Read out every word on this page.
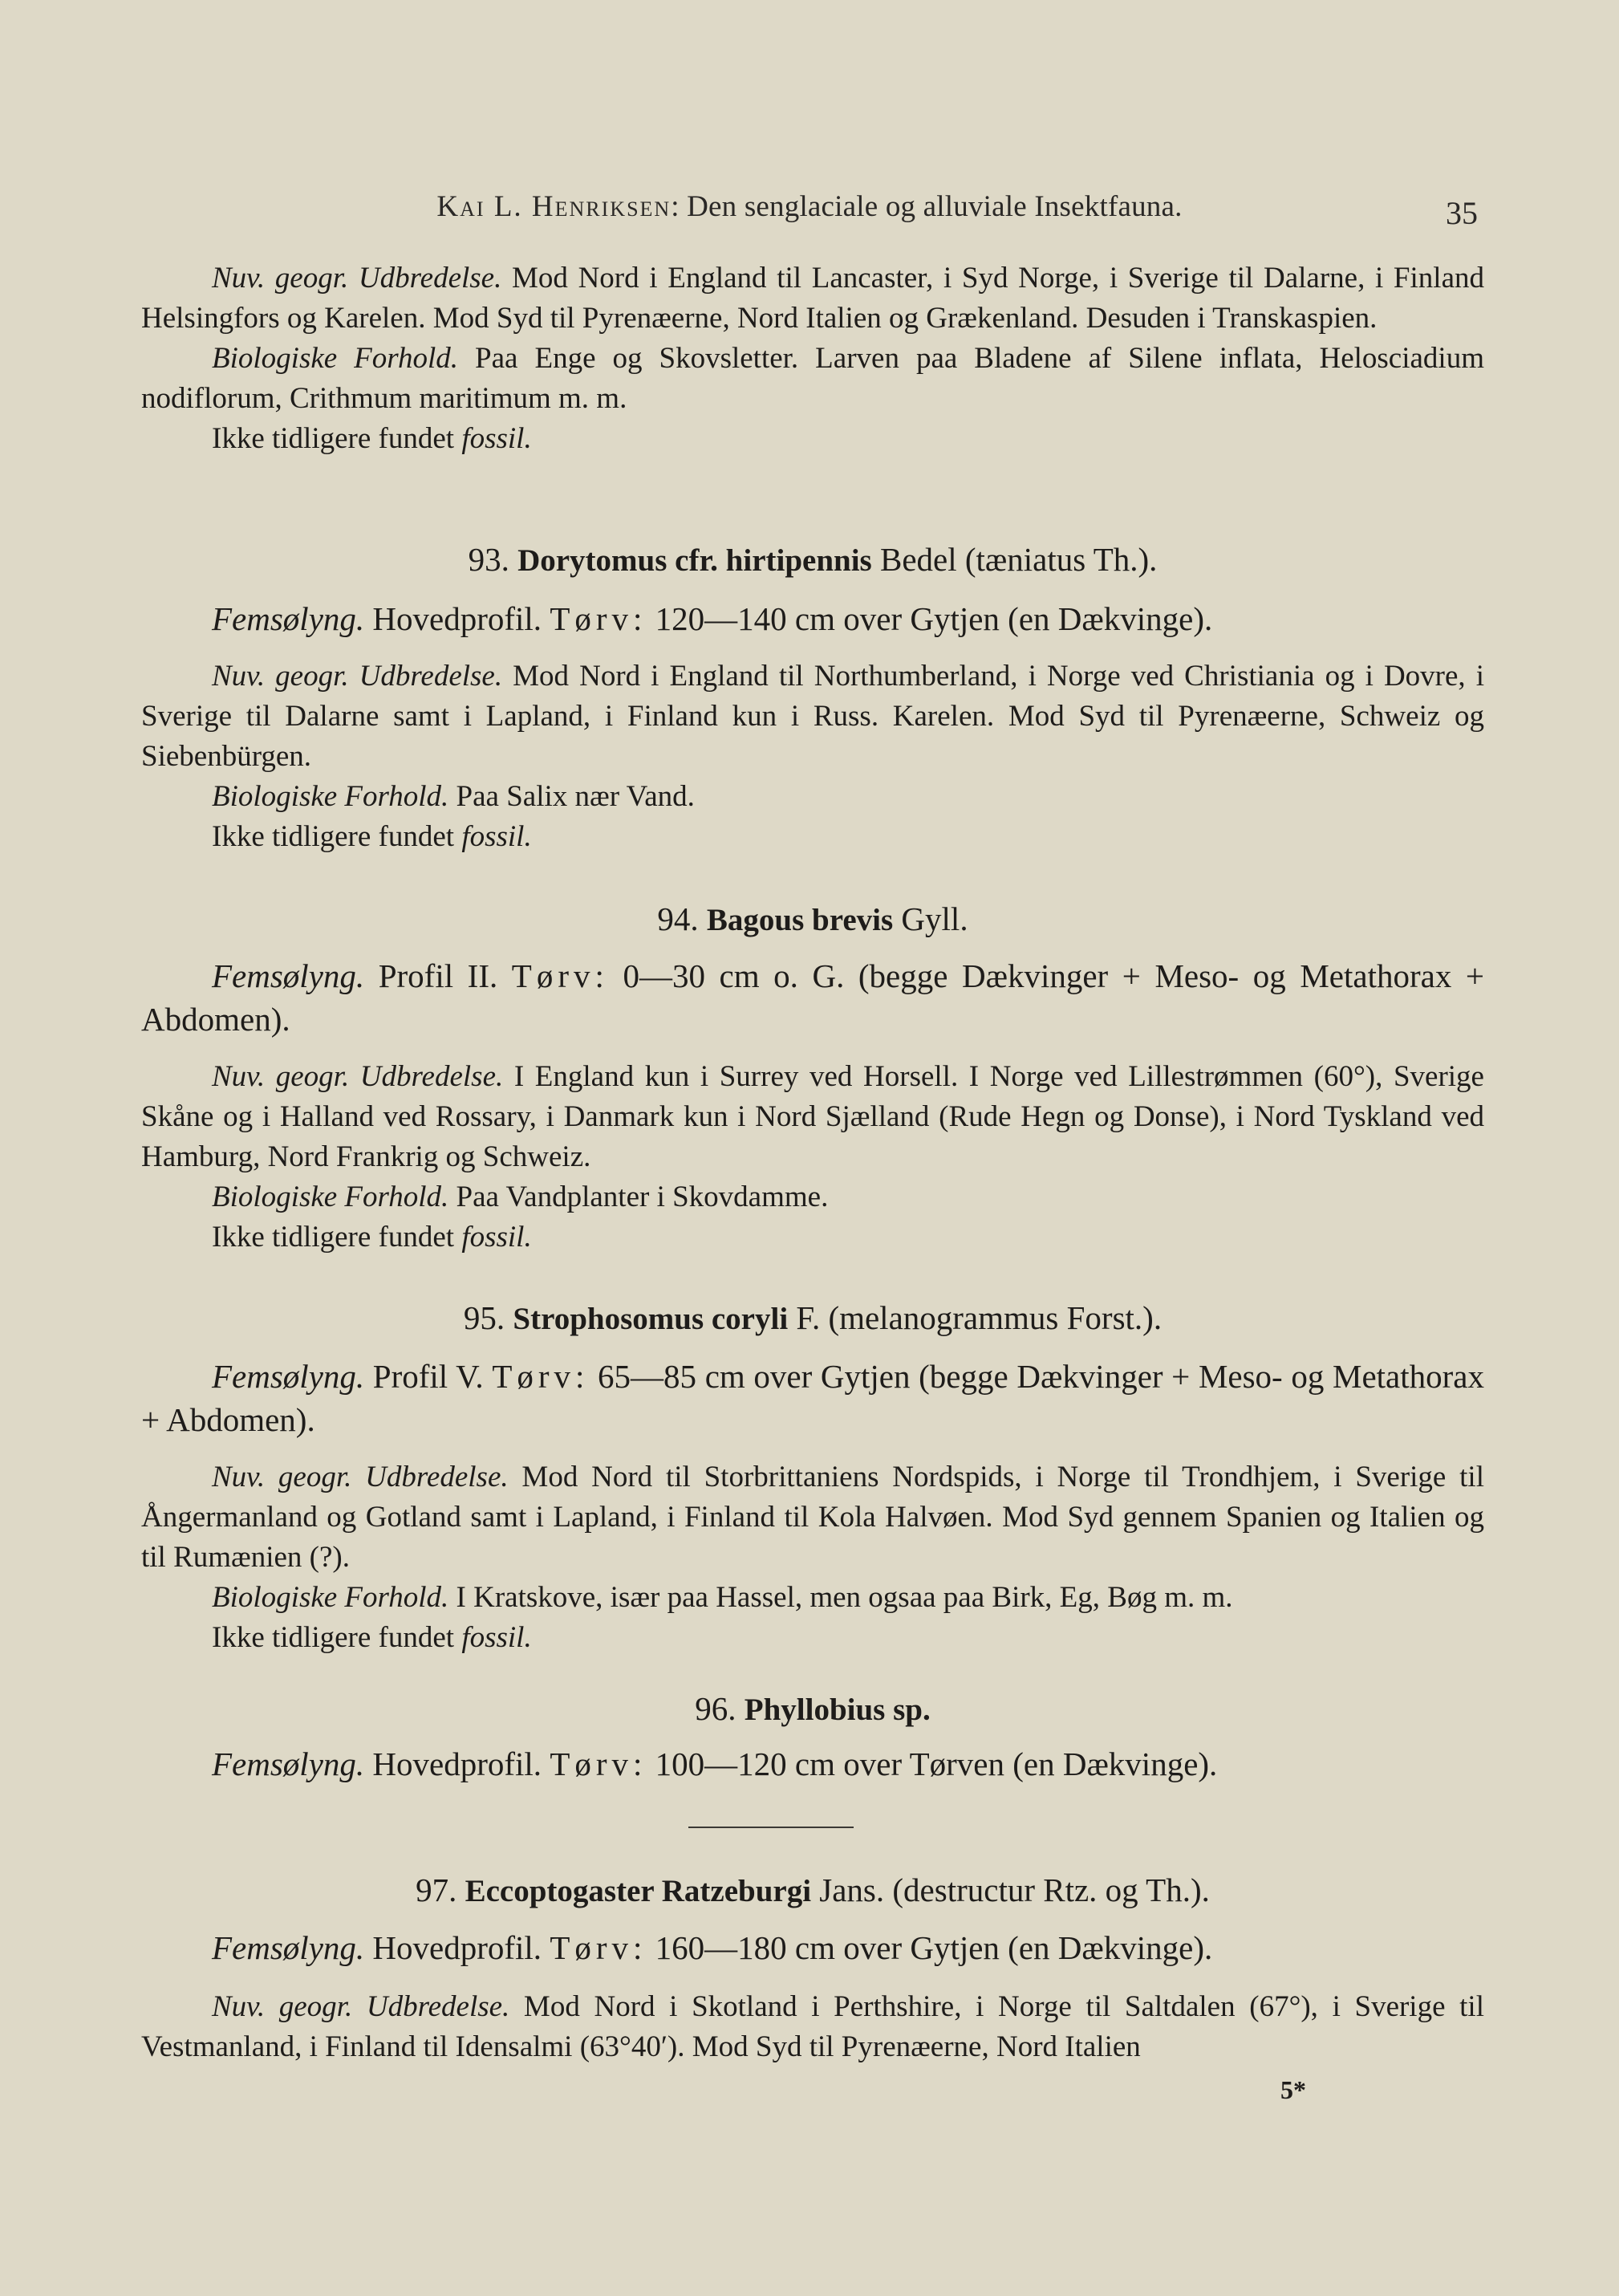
Kai L. Henriksen: Den senglaciale og alluviale Insektfauna.	35

Nuv. geogr. Udbredelse. Mod Nord i England til Lancaster, i Syd Norge, i Sverige til Dalarne, i Finland Helsingfors og Karelen. Mod Syd til Pyrenæerne, Nord Italien og Grækenland. Desuden i Transkaspien.

Biologiske Forhold. Paa Enge og Skovsletter. Larven paa Bladene af Silene inflata, Helosciadium nodiflorum, Crithmum maritimum m. m.

Ikke tidligere fundet fossil.

93. Dorytomus cfr. hirtipennis Bedel (tæniatus Th.).

Femsølyng. Hovedprofil. Tørv: 120—140 cm over Gytjen (en Dækvinge).

Nuv. geogr. Udbredelse. Mod Nord i England til Northumberland, i Norge ved Christiania og i Dovre, i Sverige til Dalarne samt i Lapland, i Finland kun i Russ. Karelen. Mod Syd til Pyrenæerne, Schweiz og Siebenbürgen.

Biologiske Forhold. Paa Salix nær Vand.

Ikke tidligere fundet fossil.

94. Bagous brevis Gyll.

Femsølyng. Profil II. Tørv: 0—30 cm o. G. (begge Dækvinger + Meso- og Metathorax + Abdomen).

Nuv. geogr. Udbredelse. I England kun i Surrey ved Horsell. I Norge ved Lillestrømmen (60°), Sverige Skåne og i Halland ved Rossary, i Danmark kun i Nord Sjælland (Rude Hegn og Donse), i Nord Tyskland ved Hamburg, Nord Frankrig og Schweiz.

Biologiske Forhold. Paa Vandplanter i Skovdamme.

Ikke tidligere fundet fossil.

95. Strophosomus coryli F. (melanogrammus Forst.).

Femsølyng. Profil V. Tørv: 65—85 cm over Gytjen (begge Dækvinger + Meso- og Metathorax + Abdomen).

Nuv. geogr. Udbredelse. Mod Nord til Storbrittaniens Nordspids, i Norge til Trondhjem, i Sverige til Ångermanland og Gotland samt i Lapland, i Finland til Kola Halvøen. Mod Syd gennem Spanien og Italien og til Rumænien (?).

Biologiske Forhold. I Kratskove, især paa Hassel, men ogsaa paa Birk, Eg, Bøg m. m.

Ikke tidligere fundet fossil.

96. Phyllobius sp.

Femsølyng. Hovedprofil. Tørv: 100—120 cm over Tørven (en Dækvinge).

97. Eccoptogaster Ratzeburgi Jans. (destructur Rtz. og Th.).

Femsølyng. Hovedprofil. Tørv: 160—180 cm over Gytjen (en Dækvinge).

Nuv. geogr. Udbredelse. Mod Nord i Skotland i Perthshire, i Norge til Saltdalen (67°), i Sverige til Vestmanland, i Finland til Idensalmi (63°40′). Mod Syd til Pyrenæerne, Nord Italien

5*
